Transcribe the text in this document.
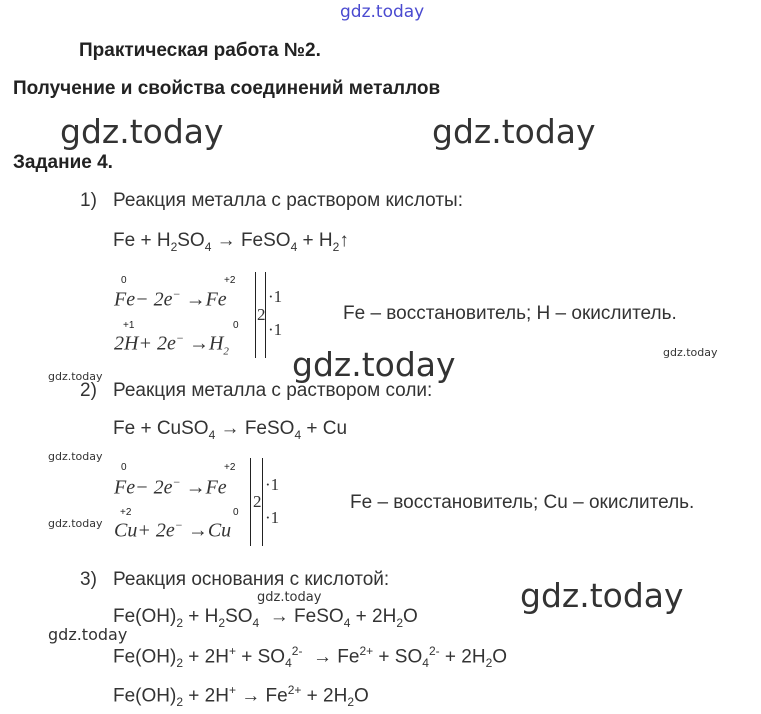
gdz.today
gdz.today	gdz.today
gdz.today
gdz.today
gdz.today
gdz.today
gdz.today
gdz.today
gdz.today
gdz.today
Практическая работа №2.
Получение и свойства соединений металлов
Задание 4.
1) Реакция металла с раствором кислоты:
$Fe + H_2SO_4$ → FeSO$_4$ + $H_2↑$
Fe− 2e− →Fe
0	+2
$2H+ 2e^- \to H_2$
+1	0
2
·1
·1
Fe – восстановитель; H – окислитель.
2) Реакция металла с раствором соли:
Fe + CuSO$_4$ → FeSO$_4$ + Cu
Fe− 2e− →Fe
0	+2
Cu+ 2e− →Cu
+2	0
2
·1
·1
Fe – восстановитель; Cu – окислитель.
3) Реакция основания с кислотой:
$Fe(OH)_2 + H_2SO_4$  → FeSO$_4$ + $2H_2O$
$Fe(OH)_2 + 2H^+ + SO_4^{2-} \to Fe^{2+} + SO_4^{2-} + 2H_2O$
$Fe(OH)_2 + 2H^+ \to Fe^{2+} + 2H_2O$
